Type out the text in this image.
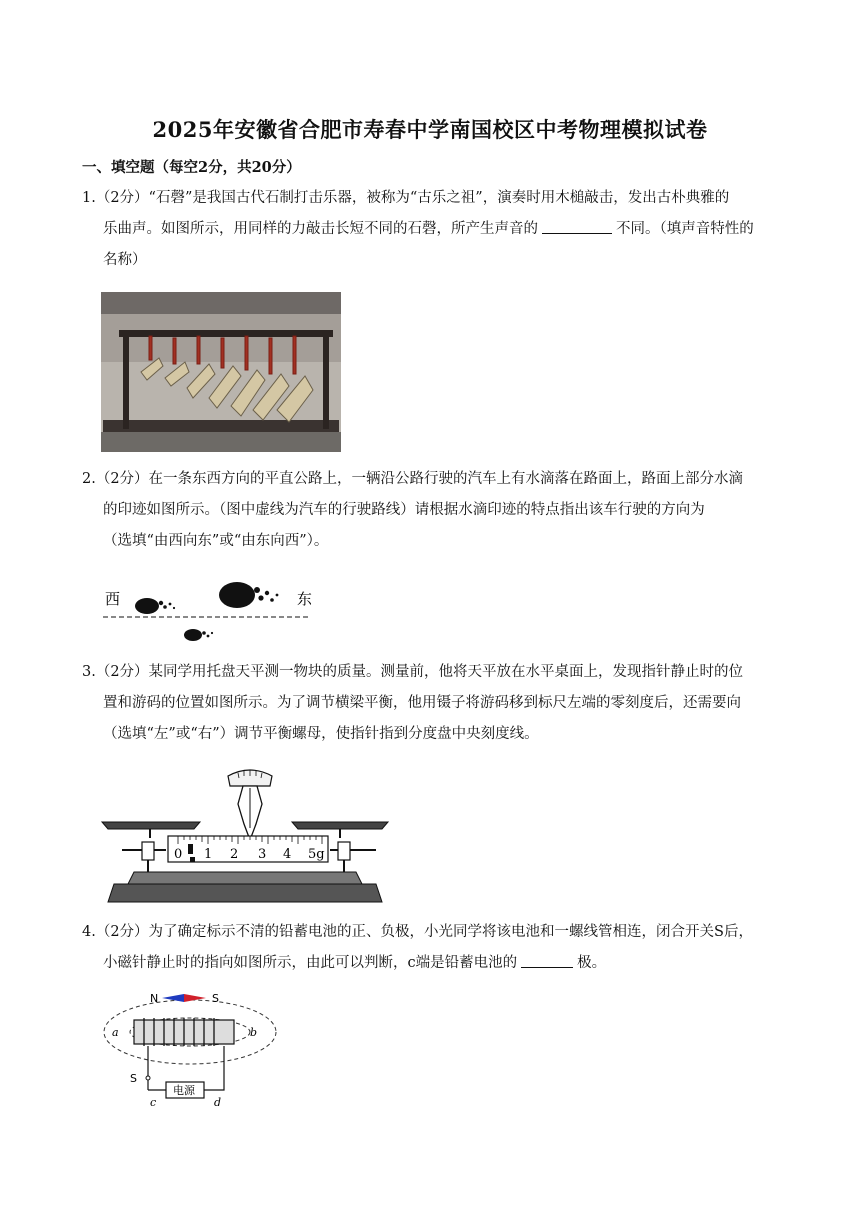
2025年安徽省合肥市寿春中学南国校区中考物理模拟试卷
一、填空题（每空2分，共20分）
1.（2分）“石磬”是我国古代石制打击乐器，被称为“古乐之祖”，演奏时用木槌敲击，发出古朴典雅的
乐曲声。如图所示，用同样的力敲击长短不同的石磬，所产生声音的	不同。（填声音特性的
名称）
2.（2分）在一条东西方向的平直公路上，一辆沿公路行驶的汽车上有水滴落在路面上，路面上部分水滴
的印迹如图所示。（图中虚线为汽车的行驶路线）请根据水滴印迹的特点指出该车行驶的方向为
（选填“由西向东”或“由东向西”）。
西	东
3.（2分）某同学用托盘天平测一物块的质量。测量前，他将天平放在水平桌面上，发现指针静止时的位
置和游码的位置如图所示。为了调节横梁平衡，他用镊子将游码移到标尺左端的零刻度后，还需要向
（选填“左”或“右”）调节平衡螺母，使指针指到分度盘中央刻度线。
0 1 2 3 4 5g
4.（2分）为了确定标示不清的铅蓄电池的正、负极，小光同学将该电池和一螺线管相连，闭合开关S后，
小磁针静止时的指向如图所示，由此可以判断，c端是铅蓄电池的	极。
N	S
a	b
S
电源
c	d
